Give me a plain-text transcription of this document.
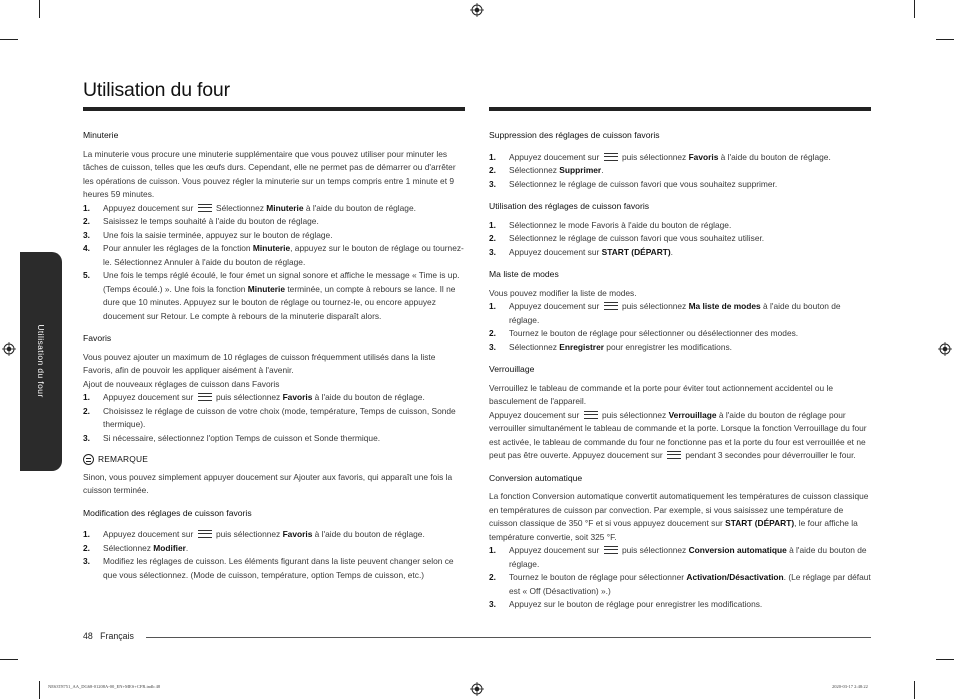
Utilisation du four
Utilisation du four
Minuterie

La minuterie vous procure une minuterie supplémentaire que vous pouvez utiliser pour minuter les tâches de cuisson, telles que les œufs durs. Cependant, elle ne permet pas de démarrer ou d'arrêter les opérations de cuisson. Vous pouvez régler la minuterie sur un temps compris entre 1 minute et 9 heures 59 minutes.

1.	Appuyez doucement sur  Sélectionnez Minuterie à l'aide du bouton de réglage.
2.	Saisissez le temps souhaité à l'aide du bouton de réglage.
3.	Une fois la saisie terminée, appuyez sur le bouton de réglage.
4.	Pour annuler les réglages de la fonction Minuterie, appuyez sur le bouton de réglage ou tournez-le. Sélectionnez Annuler à l'aide du bouton de réglage.
5.	Une fois le temps réglé écoulé, le four émet un signal sonore et affiche le message « Time is up. (Temps écoulé.) ». Une fois la fonction Minuterie terminée, un compte à rebours se lance. Il ne dure que 10 minutes. Appuyez sur le bouton de réglage ou tournez-le, ou encore appuyez doucement sur Retour. Le compte à rebours de la minuterie disparaît alors.
Favoris

Vous pouvez ajouter un maximum de 10 réglages de cuisson fréquemment utilisés dans la liste Favoris, afin de pouvoir les appliquer aisément à l'avenir.

Ajout de nouveaux réglages de cuisson dans Favoris

1.	Appuyez doucement sur  puis sélectionnez Favoris à l'aide du bouton de réglage.
2.	Choisissez le réglage de cuisson de votre choix (mode, température, Temps de cuisson, Sonde thermique).
3.	Si nécessaire, sélectionnez l'option Temps de cuisson et Sonde thermique.
REMARQUE

Sinon, vous pouvez simplement appuyer doucement sur Ajouter aux favoris, qui apparaît une fois la cuisson terminée.

Modification des réglages de cuisson favoris
1.	Appuyez doucement sur  puis sélectionnez Favoris à l'aide du bouton de réglage.
2.	Sélectionnez Modifier.
3.	Modifiez les réglages de cuisson. Les éléments figurant dans la liste peuvent changer selon ce que vous sélectionnez. (Mode de cuisson, température, option Temps de cuisson, etc.)
Suppression des réglages de cuisson favoris
1.	Appuyez doucement sur  puis sélectionnez Favoris à l'aide du bouton de réglage.
2.	Sélectionnez Supprimer.
3.	Sélectionnez le réglage de cuisson favori que vous souhaitez supprimer.
Utilisation des réglages de cuisson favoris
1.	Sélectionnez le mode Favoris à l'aide du bouton de réglage.
2.	Sélectionnez le réglage de cuisson favori que vous souhaitez utiliser.
3.	Appuyez doucement sur START (DÉPART).
Ma liste de modes

Vous pouvez modifier la liste de modes.

1.	Appuyez doucement sur  puis sélectionnez Ma liste de modes à l'aide du bouton de réglage.
2.	Tournez le bouton de réglage pour sélectionner ou désélectionner des modes.
3.	Sélectionnez Enregistrer pour enregistrer les modifications.
Verrouillage

Verrouillez le tableau de commande et la porte pour éviter tout actionnement accidentel ou le basculement de l'appareil.

Appuyez doucement sur  puis sélectionnez Verrouillage à l'aide du bouton de réglage pour verrouiller simultanément le tableau de commande et la porte. Lorsque la fonction Verrouillage du four est activée, le tableau de commande du four ne fonctionne pas et la porte du four est verrouillée et ne peut pas être ouverte. Appuyez doucement sur  pendant 3 secondes pour déverrouiller le four.

Conversion automatique

La fonction Conversion automatique convertit automatiquement les températures de cuisson classique en températures de cuisson par convection. Par exemple, si vous saisissez une température de cuisson classique de 350 °F et si vous appuyez doucement sur START (DÉPART), le four affiche la température convertie, soit 325 °F.

1.	Appuyez doucement sur  puis sélectionnez Conversion automatique à l'aide du bouton de réglage.
2.	Tournez le bouton de réglage pour sélectionner Activation/Désactivation. (Le réglage par défaut est « Off (Désactivation) ».)
3.	Appuyez sur le bouton de réglage pour enregistrer les modifications.
48 Français
NE63T8751_AA_DG68-01208A-00_EN+MES+CFR.indb 48	2020-03-17 2:48:22
